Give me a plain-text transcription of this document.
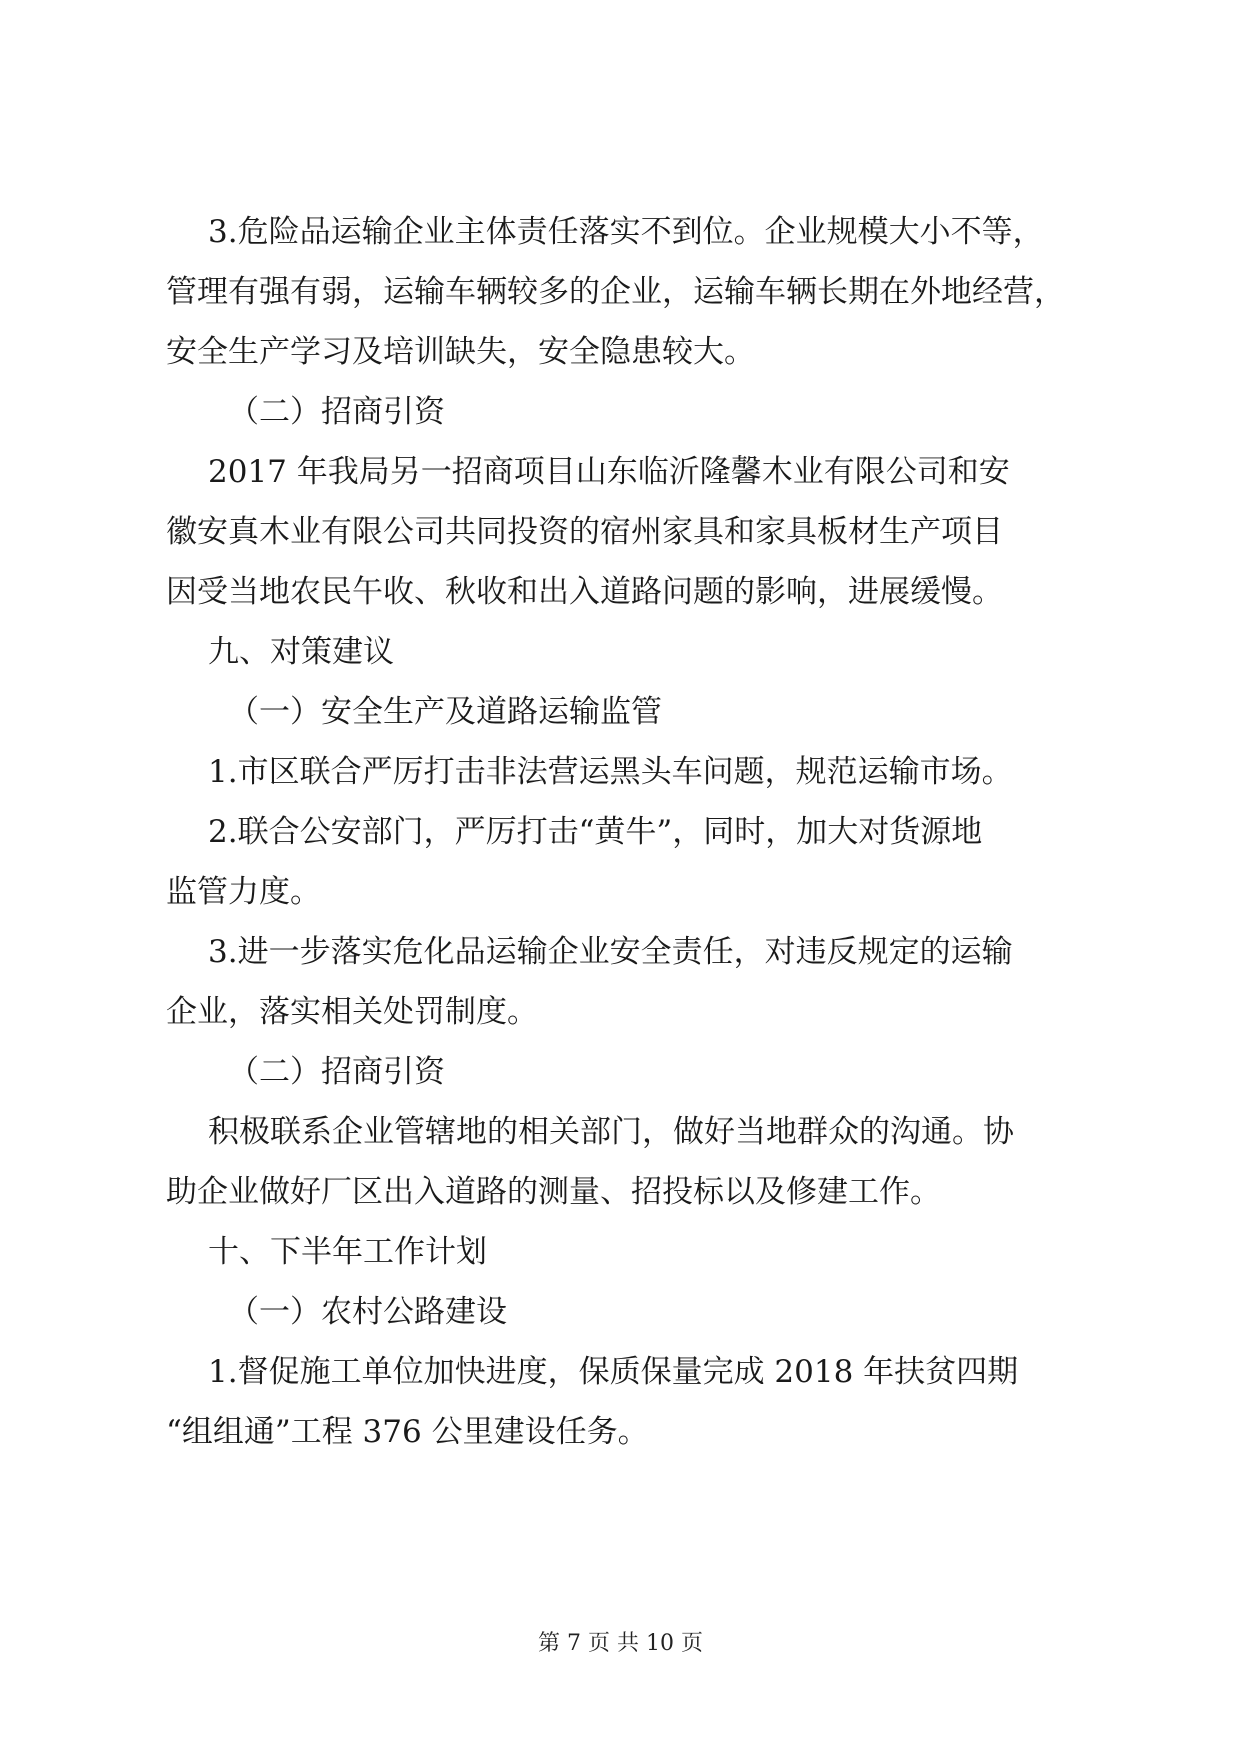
3.危险品运输企业主体责任落实不到位。企业规模大小不等，
管理有强有弱，运输车辆较多的企业，运输车辆长期在外地经营，
安全生产学习及培训缺失，安全隐患较大。
（二）招商引资
2017 年我局另一招商项目山东临沂隆馨木业有限公司和安
徽安真木业有限公司共同投资的宿州家具和家具板材生产项目
因受当地农民午收、秋收和出入道路问题的影响，进展缓慢。
九、对策建议
（一）安全生产及道路运输监管
1.市区联合严厉打击非法营运黑头车问题，规范运输市场。
2.联合公安部门，严厉打击“黄牛”，同时，加大对货源地
监管力度。
3.进一步落实危化品运输企业安全责任，对违反规定的运输
企业，落实相关处罚制度。
（二）招商引资
积极联系企业管辖地的相关部门，做好当地群众的沟通。协
助企业做好厂区出入道路的测量、招投标以及修建工作。
十、下半年工作计划
（一）农村公路建设
1.督促施工单位加快进度，保质保量完成 2018 年扶贫四期
“组组通”工程 376 公里建设任务。
第 7 页 共 10 页
